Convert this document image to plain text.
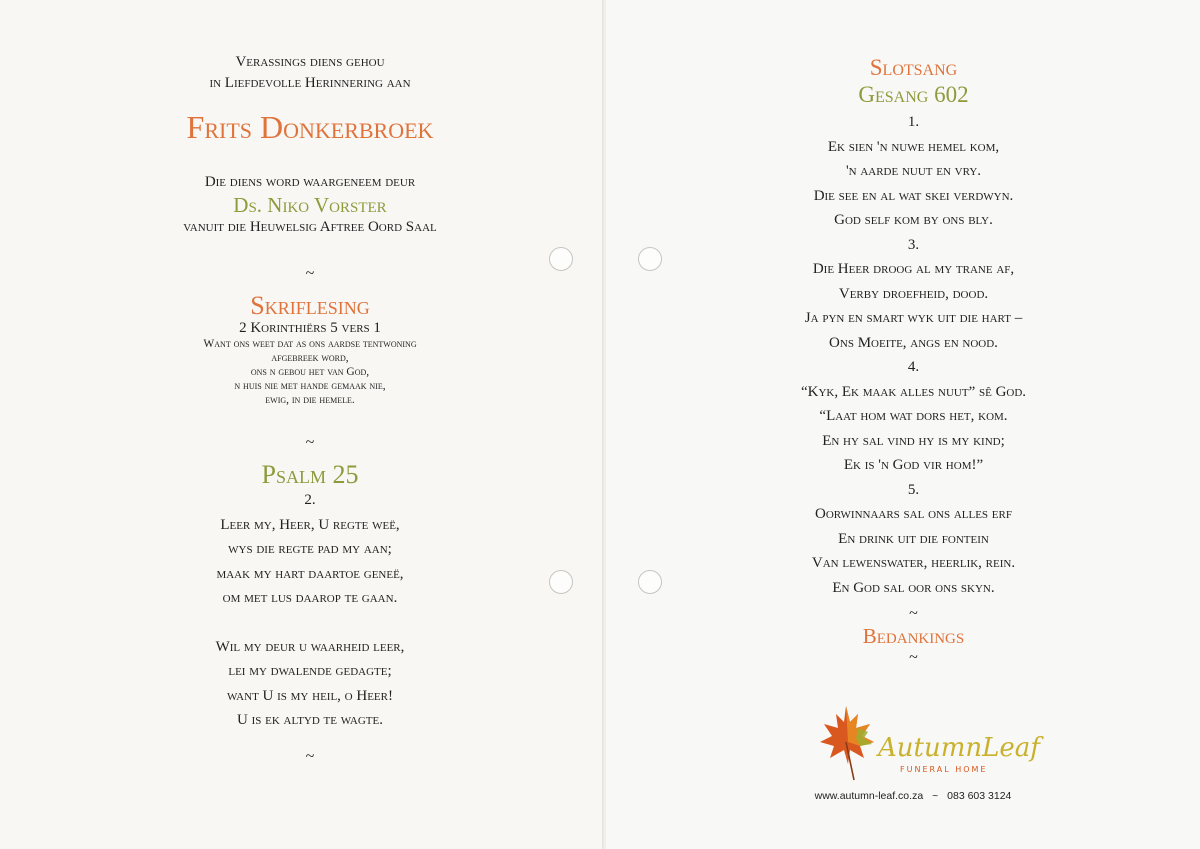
Verassings diens gehou
in Liefdevolle Herinnering aan
Frits Donkerbroek
Die diens word waargeneem deur
Ds. Niko Vorster
vanuit die Heuwelsig Aftree Oord Saal
~
Skriflesing
2 Korinthiërs 5 vers 1
Want ons weet dat as ons aardse tentwoning
afgebreek word,
ons n gebou het van God,
n huis nie met hande gemaak nie,
ewig, in die hemele.
~
Psalm 25
2.
Leer my, Heer, U regte weë,
wys die regte pad my aan;
maak my hart daartoe geneë,
om met lus daarop te gaan.
Wil my deur u waarheid leer,
lei my dwalende gedagte;
want U is my heil, o Heer!
U is ek altyd te wagte.
~
Slotsang
Gesang 602
1.
Ek sien 'n nuwe hemel kom,
'n aarde nuut en vry.
Die see en al wat skei verdwyn.
God self kom by ons bly.
3.
Die Heer droog al my trane af,
Verby droefheid, dood.
Ja pyn en smart wyk uit die hart –
Ons Moeite, angs en nood.
4.
“Kyk, Ek maak alles nuut” sê God.
“Laat hom wat dors het, kom.
En hy sal vind hy is my kind;
Ek is 'n God vir hom!”
5.
Oorwinnaars sal ons alles erf
En drink uit die fontein
Van lewenswater, heerlik, rein.
En God sal oor ons skyn.
~
Bedankings
~
AutumnLeaf
FUNERAL HOME
www.autumn-leaf.co.za ~ 083 603 3124
